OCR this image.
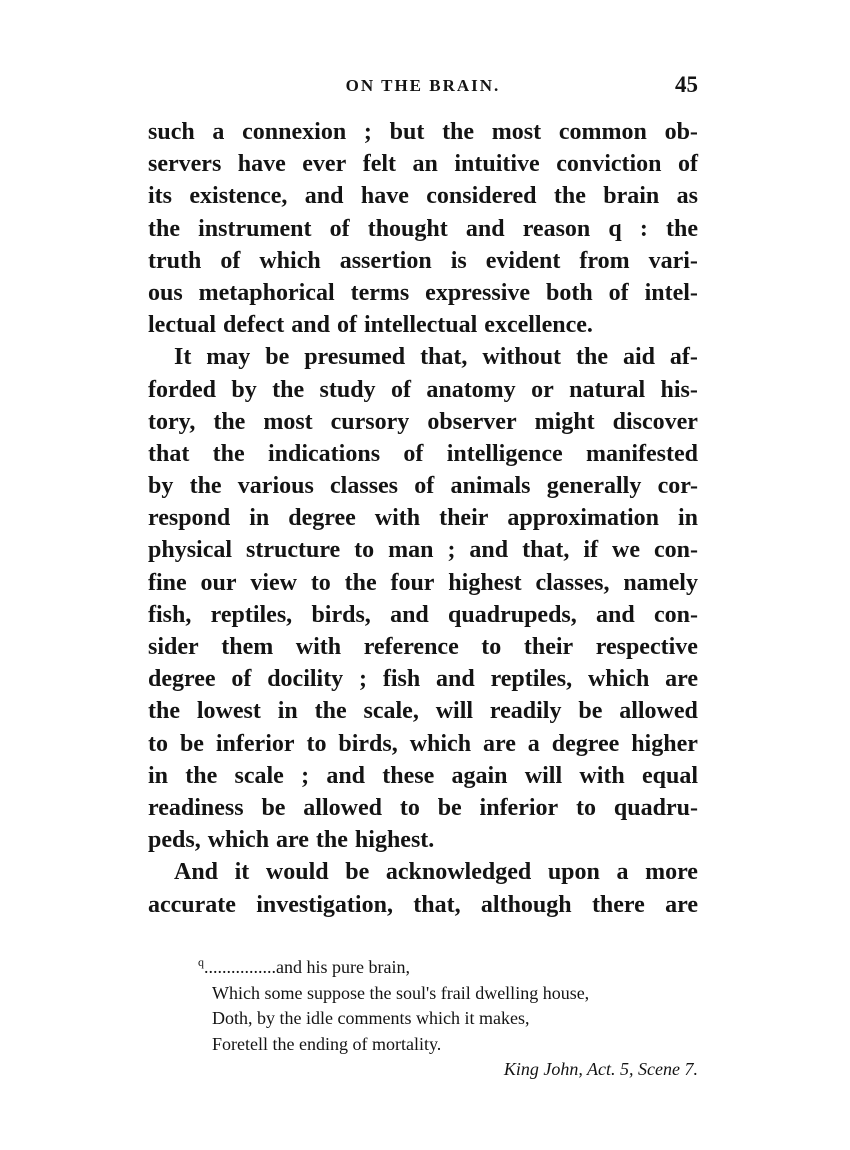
ON THE BRAIN.	45
such a connexion ; but the most common ob-
servers have ever felt an intuitive conviction of
its existence, and have considered the brain as
the instrument of thought and reason q : the
truth of which assertion is evident from vari-
ous metaphorical terms expressive both of intel-
lectual defect and of intellectual excellence.
It may be presumed that, without the aid af-
forded by the study of anatomy or natural his-
tory, the most cursory observer might discover
that the indications of intelligence manifested
by the various classes of animals generally cor-
respond in degree with their approximation in
physical structure to man ; and that, if we con-
fine our view to the four highest classes, namely
fish, reptiles, birds, and quadrupeds, and con-
sider them with reference to their respective
degree of docility ; fish and reptiles, which are
the lowest in the scale, will readily be allowed
to be inferior to birds, which are a degree higher
in the scale ; and these again will with equal
readiness be allowed to be inferior to quadru-
peds, which are the highest.
And it would be acknowledged upon a more
accurate investigation, that, although there are
$^q$................and his pure brain,
Which some suppose the soul's frail dwelling house,
Doth, by the idle comments which it makes,
Foretell the ending of mortality.
King John, Act. 5, Scene 7.
